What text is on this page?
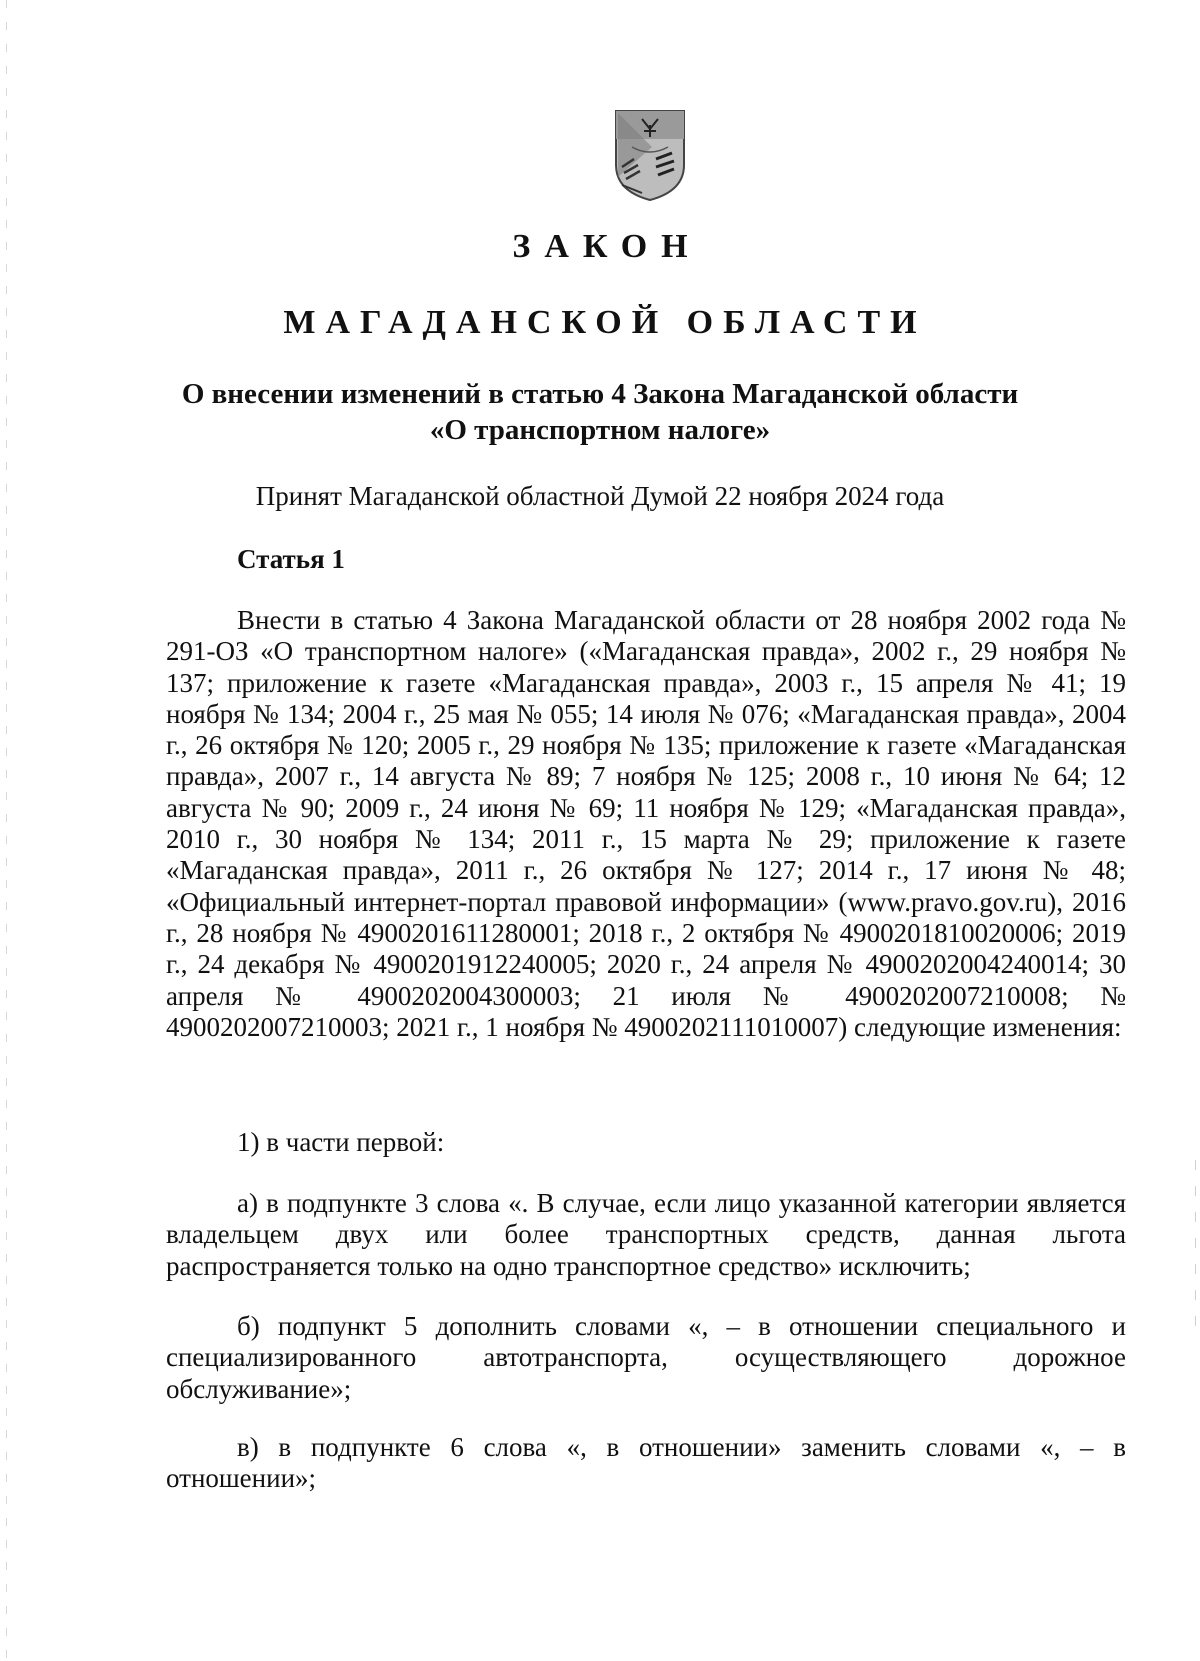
ЗАКОН
МАГАДАНСКОЙ ОБЛАСТИ
О внесении изменений в статью 4 Закона Магаданской области
«О транспортном налоге»

Принят Магаданской областной Думой 22 ноября 2024 года

Статья 1

Внести в статью 4 Закона Магаданской области от 28 ноября 2002 года № 291-ОЗ «О транспортном налоге» («Магаданская правда», 2002 г., 29 ноября № 137; приложение к газете «Магаданская правда», 2003 г., 15 апреля № 41; 19 ноября № 134; 2004 г., 25 мая № 055; 14 июля № 076; «Магаданская правда», 2004 г., 26 октября № 120; 2005 г., 29 ноября № 135; приложение к газете «Магаданская правда», 2007 г., 14 августа № 89; 7 ноября № 125; 2008 г., 10 июня № 64; 12 августа № 90; 2009 г., 24 июня № 69; 11 ноября № 129; «Магаданская правда», 2010 г., 30 ноября № 134; 2011 г., 15 марта № 29; приложение к газете «Магаданская правда», 2011 г., 26 октября № 127; 2014 г., 17 июня № 48; «Официальный интернет-портал правовой информации» (www.pravo.gov.ru), 2016 г., 28 ноября № 4900201611280001; 2018 г., 2 октября № 4900201810020006; 2019 г., 24 декабря № 4900201912240005; 2020 г., 24 апреля № 4900202004240014; 30 апреля № 4900202004300003; 21 июля № 4900202007210008; № 4900202007210003; 2021 г., 1 ноября № 4900202111010007) следующие изменения:

1) в части первой:

а) в подпункте 3 слова «. В случае, если лицо указанной категории является владельцем двух или более транспортных средств, данная льгота распространяется только на одно транспортное средство» исключить;

б) подпункт 5 дополнить словами «, – в отношении специального и специализированного автотранспорта, осуществляющего дорожное обслуживание»;

в) в подпункте 6 слова «, в отношении» заменить словами «, – в отношении»;
